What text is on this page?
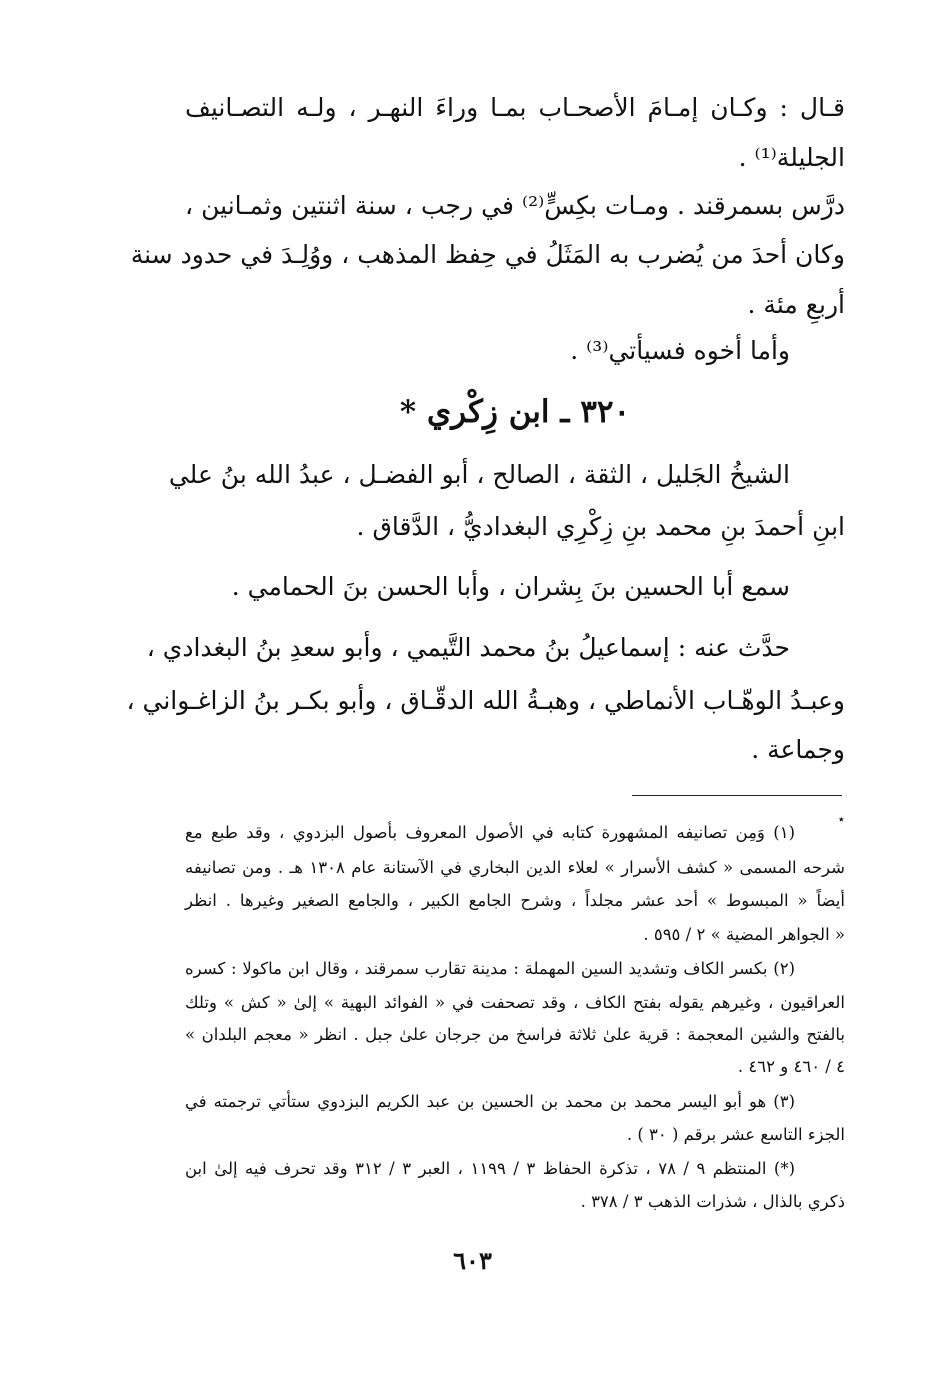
قـال : وكـان إمـامَ الأصحـاب بمـا وراءَ النهـر ، ولـه التصـانيف
الجليلة⁽¹⁾ .
درَّس بسمرقند . ومـات بكِسٍّ⁽²⁾ في رجب ، سنة اثنتين وثمـانين ،
وكان أحدَ من يُضرب به المَثَلُ في حِفظ المذهب ، ووُلِـدَ في حدود سنة
أربعِ مئة .
وأما أخوه فسيأتي⁽³⁾ .
٣٢٠ ـ ابن زِكْري *
الشيخُ الجَليل ، الثقة ، الصالح ، أبو الفضـل ، عبدُ الله بنُ علي
ابنِ أحمدَ بنِ محمد بنِ زِكْرِي البغداديُّ ، الدَّقاق .
سمع أبا الحسين بنَ بِشران ، وأبا الحسن بنَ الحمامي .
حدَّث عنه : إسماعيلُ بنُ محمد التَّيمي ، وأبو سعدِ بنُ البغدادي ،
وعبـدُ الوهّـاب الأنماطي ، وهبـةُ الله الدقّـاق ، وأبو بكـر بنُ الزاغـواني ،
وجماعة .
٭
(١) وَمِن تصانيفه المشهورة كتابه في الأصول المعروف بأصول البزدوي ، وقد طبع مع
شرحه المسمى « كشف الأسرار » لعلاء الدين البخاري في الآستانة عام ١٣٠٨ هـ . ومن تصانيفه
أيضاً « المبسوط » أحد عشر مجلداً ، وشرح الجامع الكبير ، والجامع الصغير وغيرها . انظر
« الجواهر المضية » ٢ / ٥٩٥ .
(٢) بكسر الكاف وتشديد السين المهملة : مدينة تقارب سمرقند ، وقال ابن ماكولا : كسره
العراقيون ، وغيرهم يقوله بفتح الكاف ، وقد تصحفت في « الفوائد البهية » إلىٰ « كش » وتلك
بالفتح والشين المعجمة : قرية علىٰ ثلاثة فراسخ من جرجان علىٰ جبل . انظر « معجم البلدان »
٤ / ٤٦٠ و ٤٦٢ .
(٣) هو أبو اليسر محمد بن محمد بن الحسين بن عبد الكريم البزدوي ستأتي ترجمته في
الجزء التاسع عشر برقم ( ٣٠ ) .
(*) المنتظم ٩ / ٧٨ ، تذكرة الحفاظ ٣ / ١١٩٩ ، العبر ٣ / ٣١٢ وقد تحرف فيه إلىٰ ابن
ذكري بالذال ، شذرات الذهب ٣ / ٣٧٨ .
٦٠٣
